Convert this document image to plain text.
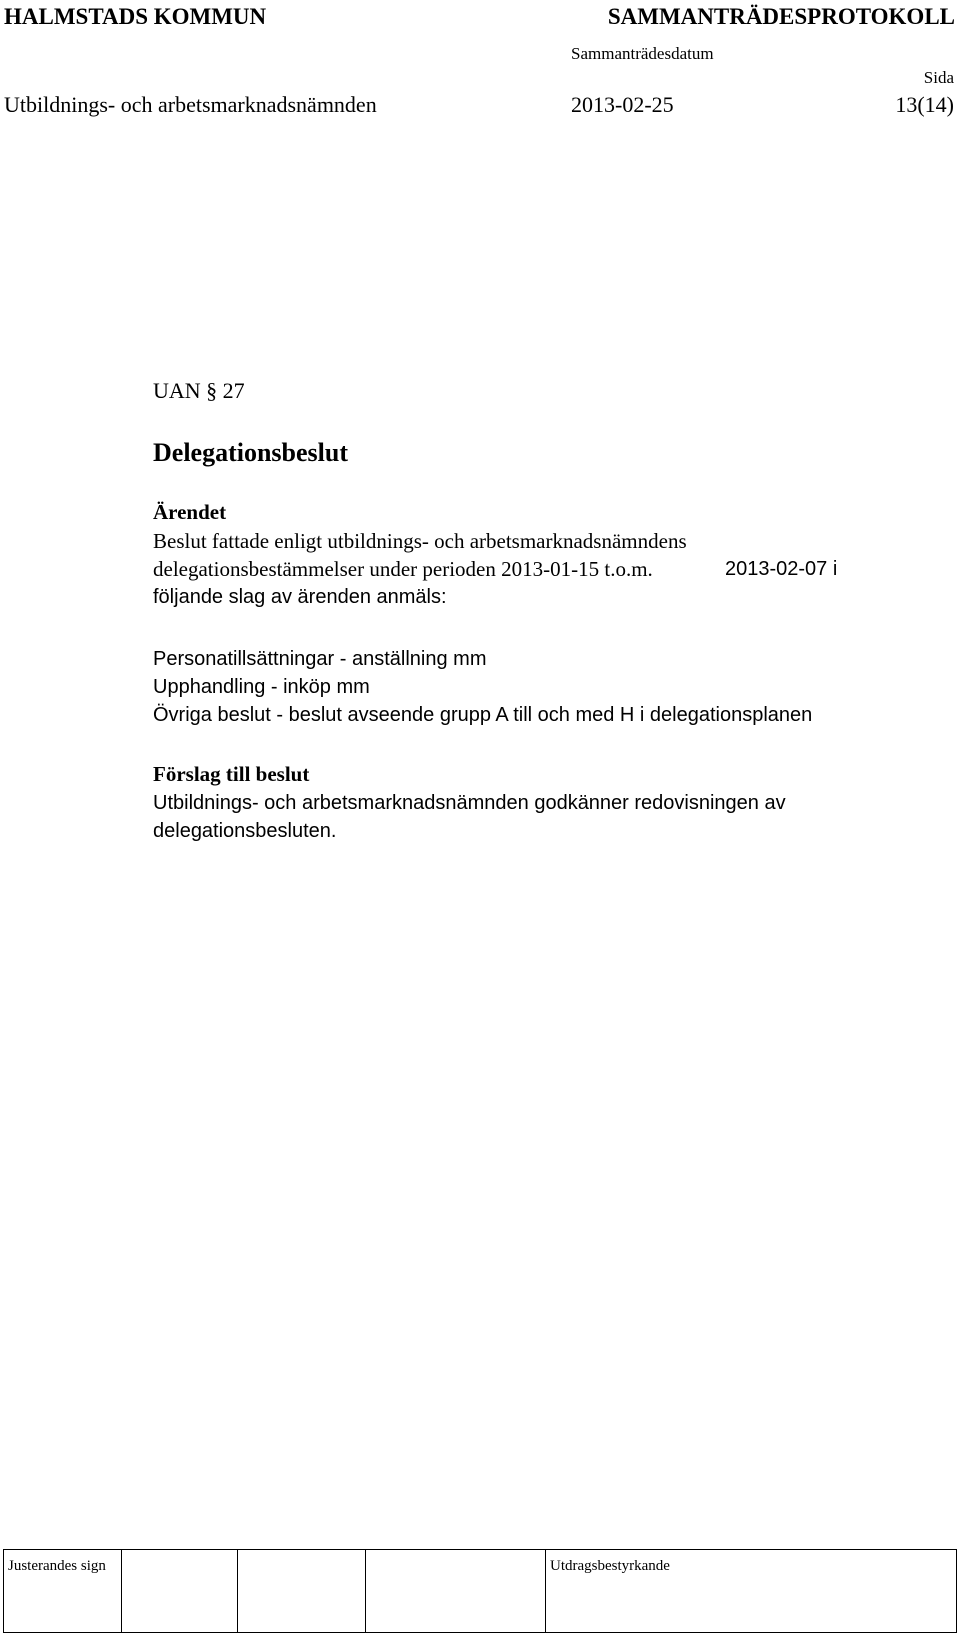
HALMSTADS KOMMUN	SAMMANTRÄDESPROTOKOLL
Sammanträdesdatum
Sida
Utbildnings- och arbetsmarknadsnämnden	2013-02-25	13(14)
UAN § 27
Delegationsbeslut
Ärendet
Beslut fattade enligt utbildnings- och arbetsmarknadsnämndens
delegationsbestämmelser under perioden 2013-01-15 t.o.m.	2013-02-07 i
följande slag av ärenden anmäls:
Personatillsättningar - anställning mm
Upphandling - inköp mm
Övriga beslut - beslut avseende grupp A till och med H i delegationsplanen
Förslag till beslut
Utbildnings- och arbetsmarknadsnämnden godkänner redovisningen av
delegationsbesluten.
Justerandes sign	Utdragsbestyrkande
